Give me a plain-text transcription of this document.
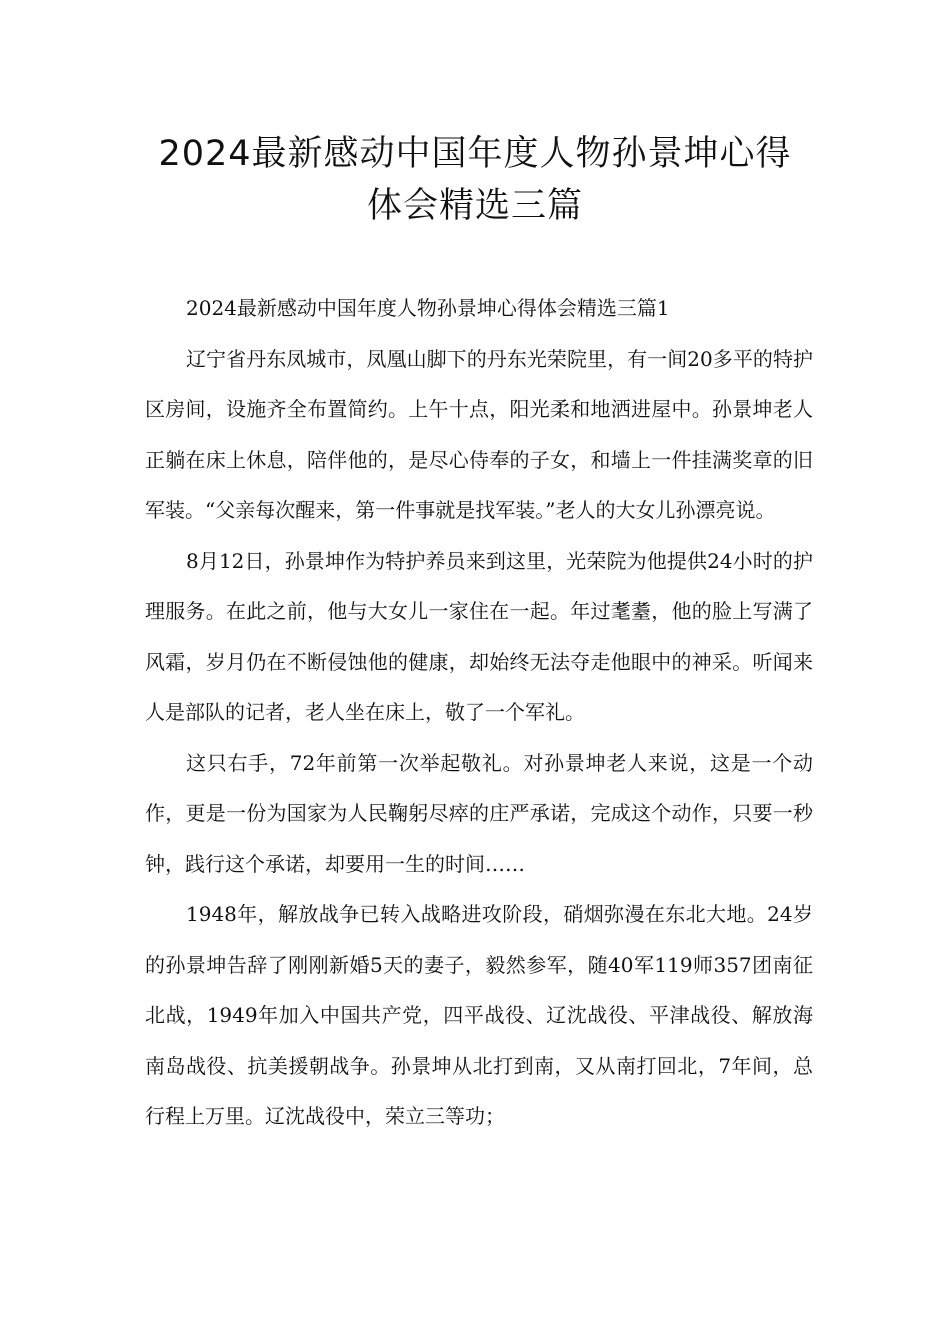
2024最新感动中国年度人物孙景坤心得
体会精选三篇

2024最新感动中国年度人物孙景坤心得体会精选三篇1

辽宁省丹东凤城市，凤凰山脚下的丹东光荣院里，有一间20多平的特护区房间，设施齐全布置简约。上午十点，阳光柔和地洒进屋中。孙景坤老人正躺在床上休息，陪伴他的，是尽心侍奉的子女，和墙上一件挂满奖章的旧军装。“父亲每次醒来，第一件事就是找军装。”老人的大女儿孙漂亮说。

8月12日，孙景坤作为特护养员来到这里，光荣院为他提供24小时的护理服务。在此之前，他与大女儿一家住在一起。年过耄耋，他的脸上写满了风霜，岁月仍在不断侵蚀他的健康，却始终无法夺走他眼中的神采。听闻来人是部队的记者，老人坐在床上，敬了一个军礼。

这只右手，72年前第一次举起敬礼。对孙景坤老人来说，这是一个动作，更是一份为国家为人民鞠躬尽瘁的庄严承诺，完成这个动作，只要一秒钟，践行这个承诺，却要用一生的时间……

1948年，解放战争已转入战略进攻阶段，硝烟弥漫在东北大地。24岁的孙景坤告辞了刚刚新婚5天的妻子，毅然参军，随40军119师357团南征北战，1949年加入中国共产党，四平战役、辽沈战役、平津战役、解放海南岛战役、抗美援朝战争。孙景坤从北打到南，又从南打回北，7年间，总行程上万里。辽沈战役中，荣立三等功；
